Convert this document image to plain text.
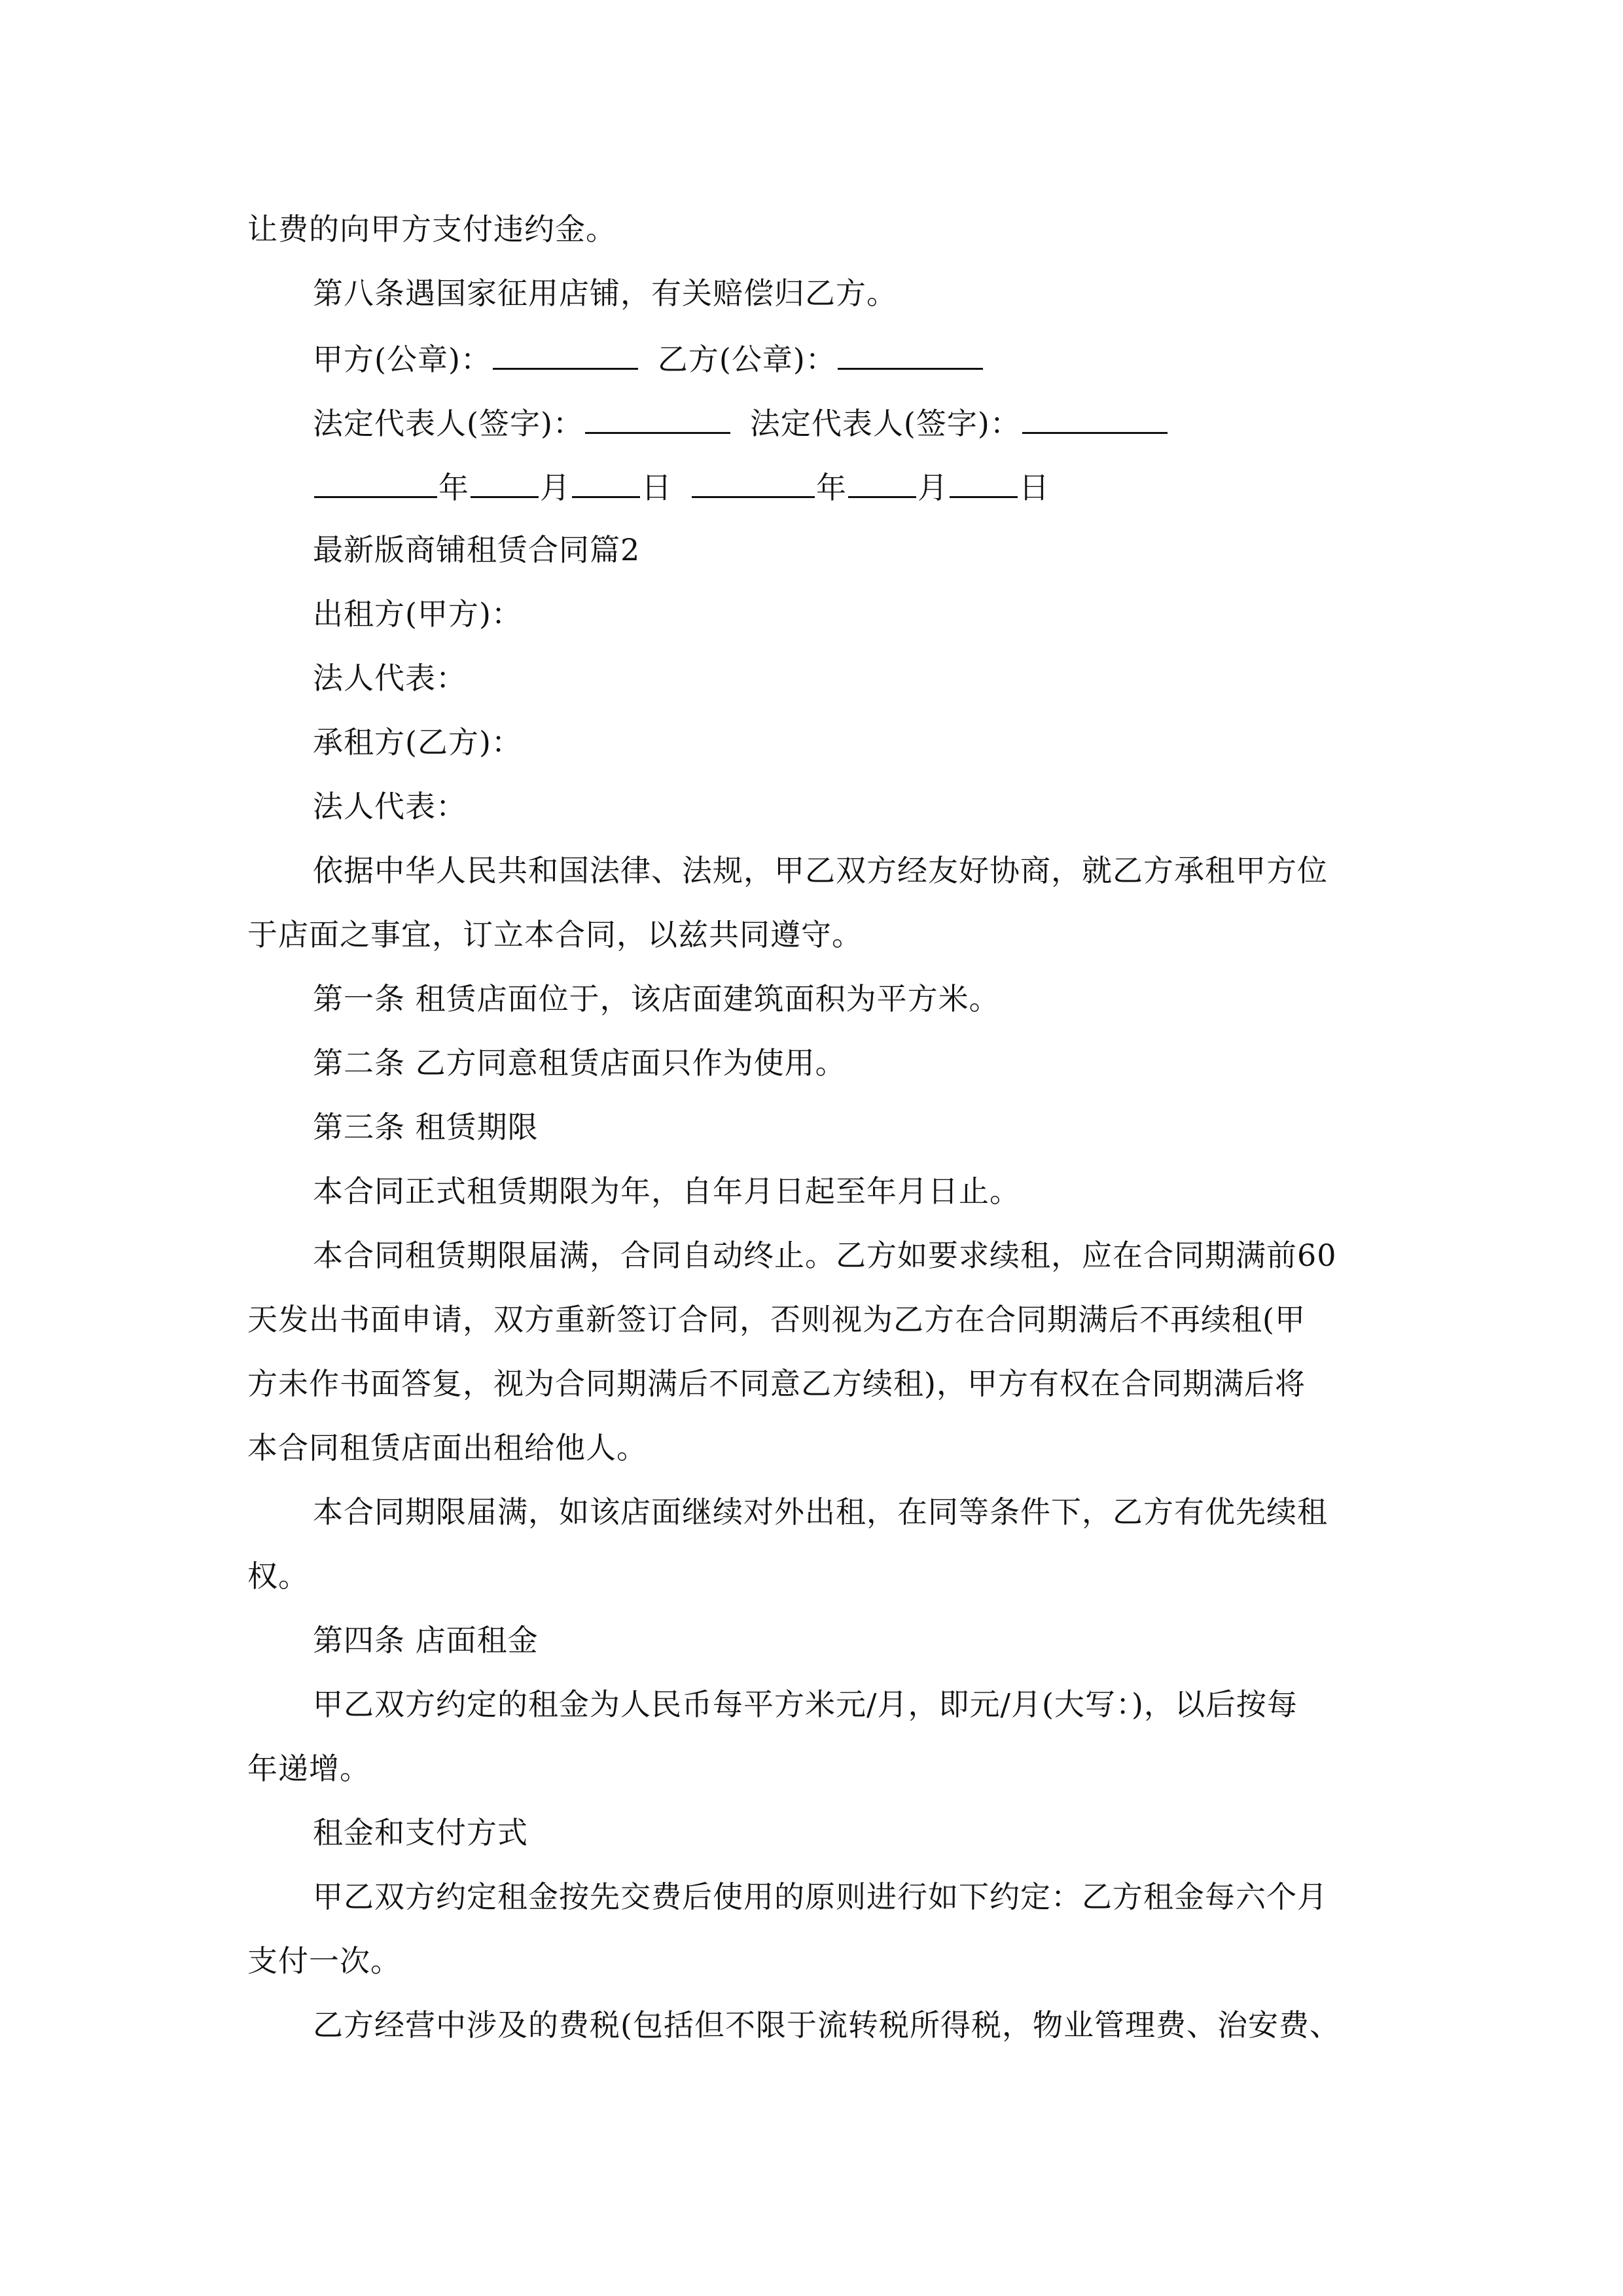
让费的向甲方支付违约金。
第八条遇国家征用店铺，有关赔偿归乙方。
甲方(公章)：	乙方(公章)：
法定代表人(签字)：	法定代表人(签字)：
年 月 日	年 月 日
最新版商铺租赁合同篇2
出租方(甲方)：
法人代表：
承租方(乙方)：
法人代表：
依据中华人民共和国法律、法规，甲乙双方经友好协商，就乙方承租甲方位
于店面之事宜，订立本合同，以兹共同遵守。
第一条 租赁店面位于，该店面建筑面积为平方米。
第二条 乙方同意租赁店面只作为使用。
第三条 租赁期限
本合同正式租赁期限为年，自年月日起至年月日止。
本合同租赁期限届满，合同自动终止。乙方如要求续租，应在合同期满前60
天发出书面申请，双方重新签订合同，否则视为乙方在合同期满后不再续租(甲
方未作书面答复，视为合同期满后不同意乙方续租)，甲方有权在合同期满后将
本合同租赁店面出租给他人。
本合同期限届满，如该店面继续对外出租，在同等条件下，乙方有优先续租
权。
第四条 店面租金
甲乙双方约定的租金为人民币每平方米元/月，即元/月(大写：)，以后按每
年递增。
租金和支付方式
甲乙双方约定租金按先交费后使用的原则进行如下约定：乙方租金每六个月
支付一次。
乙方经营中涉及的费税(包括但不限于流转税所得税，物业管理费、治安费、
